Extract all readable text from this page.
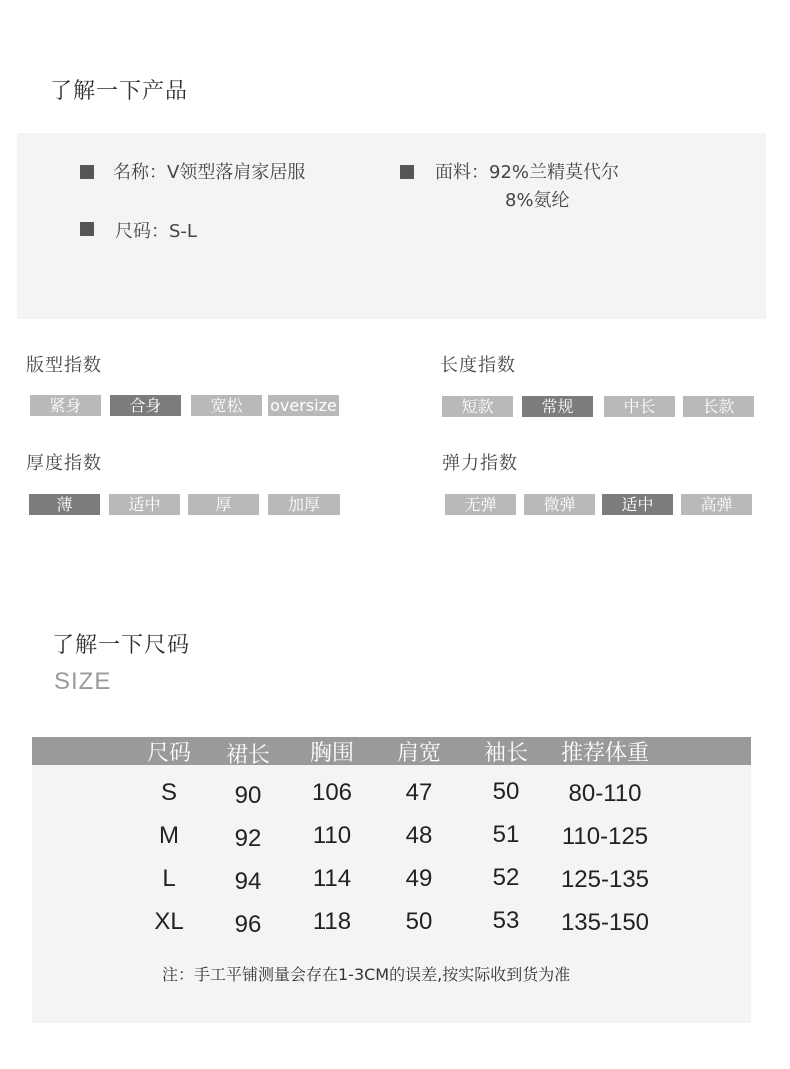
了解一下产品
名称：V领型落肩家居服	面料：92%兰精莫代尔
8%氨纶
尺码：S-L
版型指数
紧身	合身	宽松	oversize
长度指数
短款	常规	中长	长款
厚度指数
薄	适中	厚	加厚
弹力指数
无弹	微弹	适中	高弹
了解一下尺码
SIZE
尺码	裙长	胸围	肩宽	袖长	推荐体重
S	90	106	47	50	80-110
M	92	110	48	51	110-125
L	94	114	49	52	125-135
XL	96	118	50	53	135-150
注：手工平铺测量会存在1-3CM的误差,按实际收到货为准
